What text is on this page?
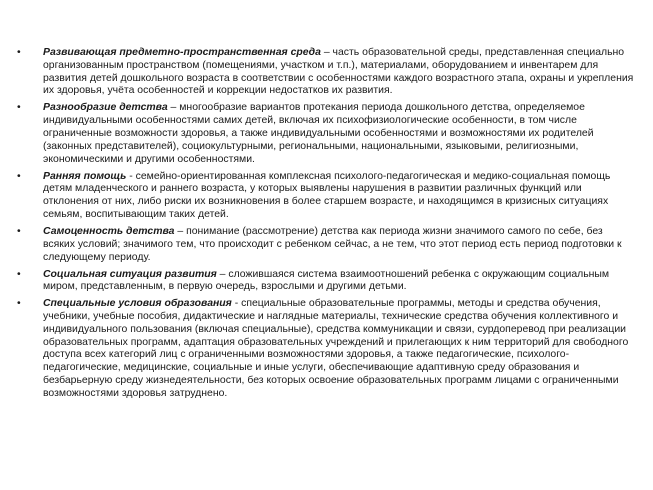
• Развивающая предметно-пространственная среда – часть образовательной среды, представленная специально организованным пространством (помещениями, участком и т.п.), материалами, оборудованием и инвентарем для развития детей дошкольного возраста в соответствии с особенностями каждого возрастного этапа, охраны и укрепления их здоровья, учёта особенностей и коррекции недостатков их развития.
• Разнообразие детства – многообразие вариантов протекания периода дошкольного детства, определяемое индивидуальными особенностями самих детей, включая их психофизиологические особенности, в том числе ограниченные возможности здоровья, а также индивидуальными особенностями и возможностями их родителей (законных представителей), социокультурными, региональными, национальными, языковыми, религиозными, экономическими и другими особенностями.
• Ранняя помощь - семейно-ориентированная комплексная психолого-педагогическая и медико-социальная помощь детям младенческого и раннего возраста, у которых выявлены нарушения в развитии различных функций или отклонения от них, либо риски их возникновения в более старшем возрасте, и находящимся в кризисных ситуациях семьям, воспитывающим таких детей.
• Самоценность детства – понимание (рассмотрение) детства как периода жизни значимого самого по себе, без всяких условий; значимого тем, что происходит с ребенком сейчас, а не тем, что этот период есть период подготовки к следующему периоду.
• Социальная ситуация развития – сложившаяся система взаимоотношений ребенка с окружающим социальным миром, представленным, в первую очередь, взрослыми и другими детьми.
• Специальные условия образования - специальные образовательные программы, методы и средства обучения, учебники, учебные пособия, дидактические и наглядные материалы, технические средства обучения коллективного и индивидуального пользования (включая специальные), средства коммуникации и связи, сурдоперевод при реализации образовательных программ, адаптация образовательных учреждений и прилегающих к ним территорий для свободного доступа всех категорий лиц с ограниченными возможностями здоровья, а также педагогические, психолого-педагогические, медицинские, социальные и иные услуги, обеспечивающие адаптивную среду образования и безбарьерную среду жизнедеятельности, без которых освоение образовательных программ лицами с ограниченными возможностями здоровья затруднено.
